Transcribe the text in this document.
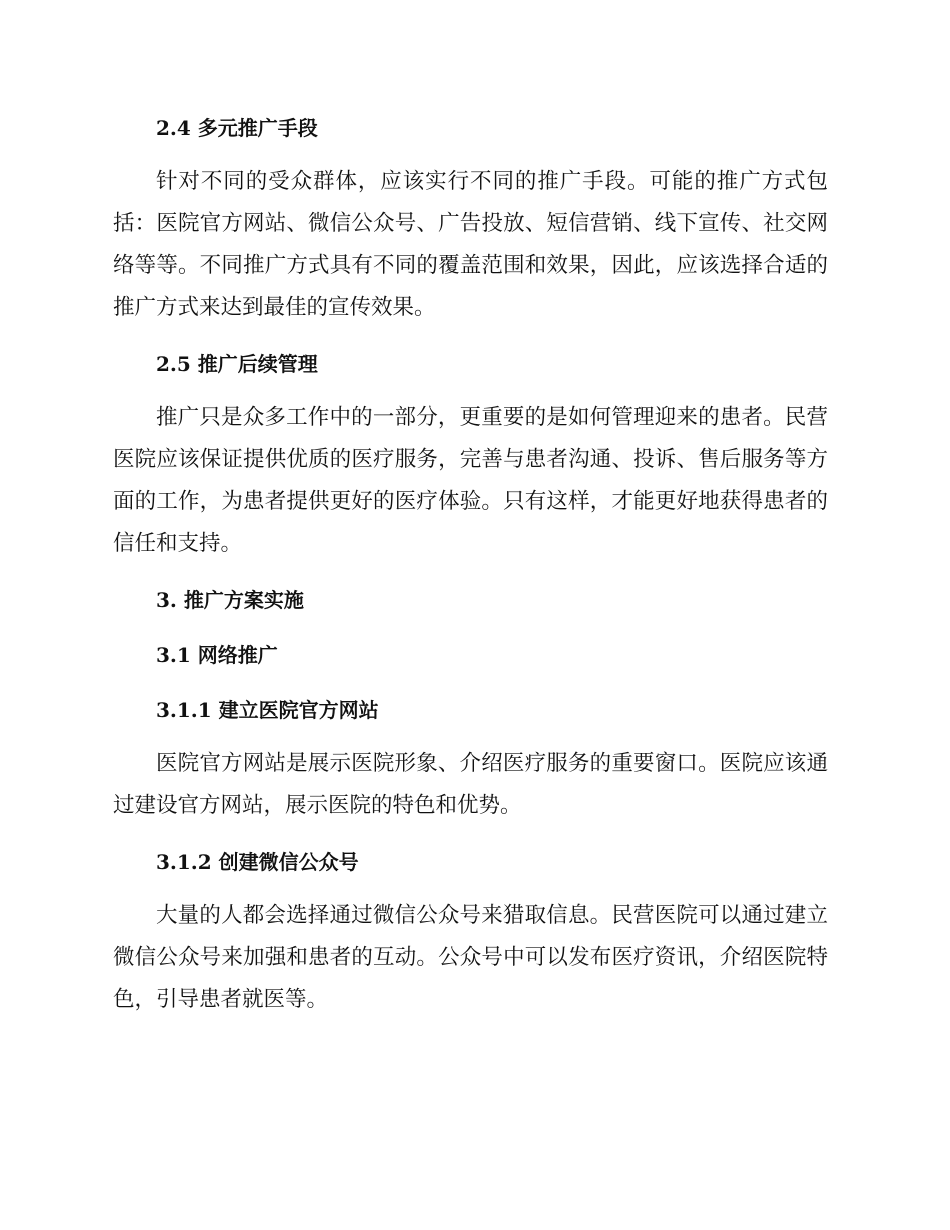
2.4 多元推广手段
针对不同的受众群体，应该实行不同的推广手段。可能的推广方式包
括：医院官方网站、微信公众号、广告投放、短信营销、线下宣传、社交网
络等等。不同推广方式具有不同的覆盖范围和效果，因此，应该选择合适的
推广方式来达到最佳的宣传效果。
2.5 推广后续管理
推广只是众多工作中的一部分，更重要的是如何管理迎来的患者。民营
医院应该保证提供优质的医疗服务，完善与患者沟通、投诉、售后服务等方
面的工作，为患者提供更好的医疗体验。只有这样，才能更好地获得患者的
信任和支持。
3. 推广方案实施
3.1 网络推广
3.1.1 建立医院官方网站
医院官方网站是展示医院形象、介绍医疗服务的重要窗口。医院应该通
过建设官方网站，展示医院的特色和优势。
3.1.2 创建微信公众号
大量的人都会选择通过微信公众号来猎取信息。民营医院可以通过建立
微信公众号来加强和患者的互动。公众号中可以发布医疗资讯，介绍医院特
色，引导患者就医等。
